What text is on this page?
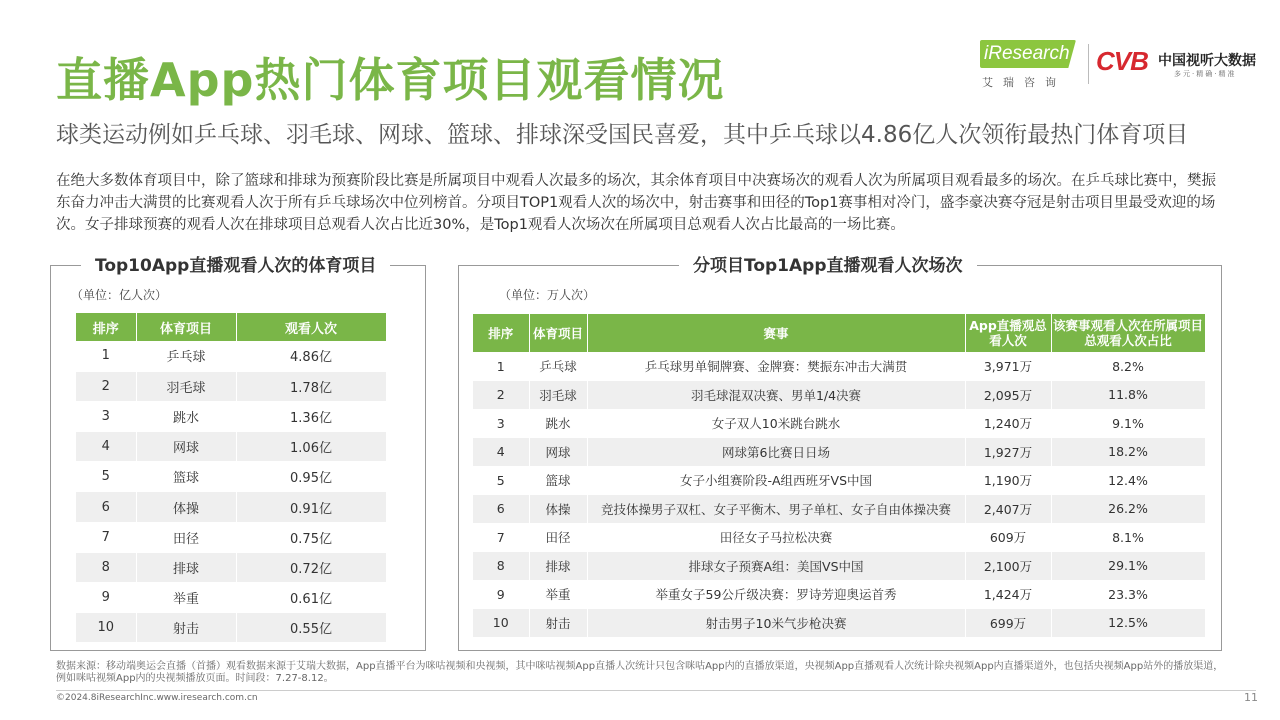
直播App热门体育项目观看情况
球类运动例如乒乓球、羽毛球、网球、篮球、排球深受国民喜爱，其中乒乓球以4.86亿人次领衔最热门体育项目
在绝大多数体育项目中，除了篮球和排球为预赛阶段比赛是所属项目中观看人次最多的场次，其余体育项目中决赛场次的观看人次为所属项目观看最多的场次。在乒乓球比赛中，樊振东奋力冲击大满贯的比赛观看人次于所有乒乓球场次中位列榜首。分项目TOP1观看人次的场次中，射击赛事和田径的Top1赛事相对冷门，盛李豪决赛夺冠是射击项目里最受欢迎的场次。女子排球预赛的观看人次在排球项目总观看人次占比近30%，是Top1观看人次场次在所属项目总观看人次占比最高的一场比赛。
iResearch
艾瑞咨询
CVB 中国视听大数据
多元·精确·精准
Top10App直播观看人次的体育项目
（单位：亿人次）
排序	体育项目	观看人次
1	乒乓球	4.86亿
2	羽毛球	1.78亿
3	跳水	1.36亿
4	网球	1.06亿
5	篮球	0.95亿
6	体操	0.91亿
7	田径	0.75亿
8	排球	0.72亿
9	举重	0.61亿
10	射击	0.55亿
分项目Top1App直播观看人次场次
（单位：万人次）
排序	体育项目	赛事	App直播观总看人次	该赛事观看人次在所属项目总观看人次占比
1	乒乓球	乒乓球男单铜牌赛、金牌赛：樊振东冲击大满贯	3,971万	8.2%
2	羽毛球	羽毛球混双决赛、男单1/4决赛	2,095万	11.8%
3	跳水	女子双人10米跳台跳水	1,240万	9.1%
4	网球	网球第6比赛日日场	1,927万	18.2%
5	篮球	女子小组赛阶段-A组西班牙VS中国	1,190万	12.4%
6	体操	竞技体操男子双杠、女子平衡木、男子单杠、女子自由体操决赛	2,407万	26.2%
7	田径	田径女子马拉松决赛	609万	8.1%
8	排球	排球女子预赛A组：美国VS中国	2,100万	29.1%
9	举重	举重女子59公斤级决赛：罗诗芳迎奥运首秀	1,424万	23.3%
10	射击	射击男子10米气步枪决赛	699万	12.5%
数据来源：移动端奥运会直播（首播）观看数据来源于艾瑞大数据，App直播平台为咪咕视频和央视频，其中咪咕视频App直播人次统计只包含咪咕App内的直播放渠道，央视频App直播观看人次统计除央视频App内直播渠道外，也包括央视频App站外的播放渠道，例如咪咕视频App内的央视频播放页面。时间段：7.27-8.12。
©2024.8iResearchInc.www.iresearch.com.cn	11
